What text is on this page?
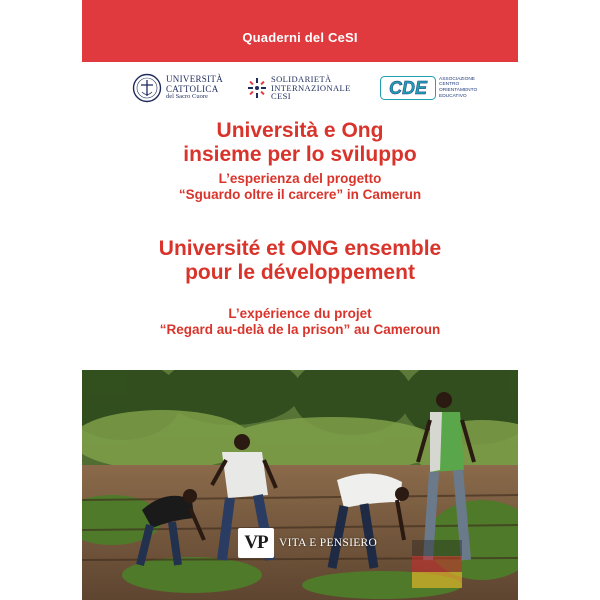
Quaderni del CeSI
UNIVERSITÀ
CATTOLICA
del Sacro Cuore
SOLIDARIETÀ
INTERNAZIONALE
CESI	CDE ASSOCIAZIONE
CENTRO
ORIENTAMENTO
EDUCATIVO
Università e Ong
insieme per lo sviluppo
L’esperienza del progetto
“Sguardo oltre il carcere” in Camerun
Université et ONG ensemble
pour le développement
L’expérience du projet
“Regard au-delà de la prison” au Cameroun
VP VITA E PENSIERO
